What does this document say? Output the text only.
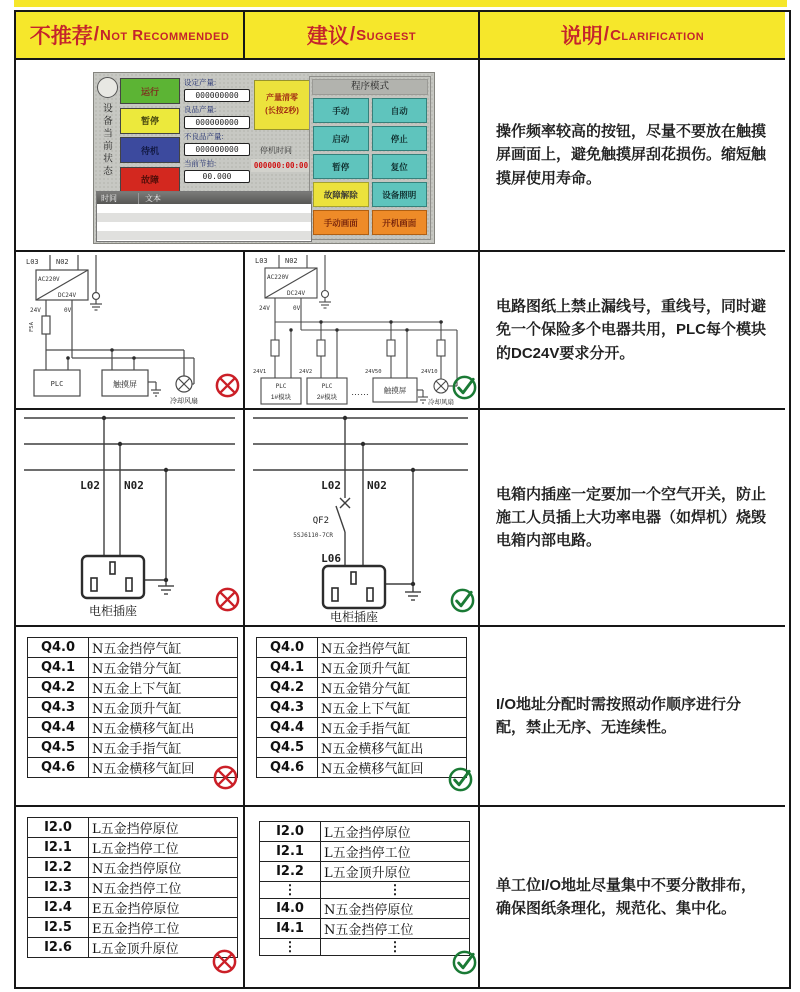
不推荐 / Not Recommended	建议 / Suggest	说明 / Clarification
设备当前状态
运行
暂停
待机
故障
设定产量:
000000000
良品产量:
000000000
不良品产量:
000000000
当前节拍:
00.000
产量清零
(长按2秒)
停机时间
000000:00:00
程序模式
手动	自动
启动	停止
暂停	复位
故障解除	设备照明
手动画面	开机画面
时间	文本

操作频率较高的按钮，尽量不要放在触摸屏画面上，避免触摸屏刮花损伤。缩短触摸屏使用寿命。

L03 N02
AC220V
DC24V
24V	0V
F5A
PLC	触摸屏
冷却风扇
L03 N02
AC220V
DC24V
24V	0V
24V1	24V2	24V50	24V10
PLC
1#模块
PLC
2#模块
…… 触摸屏
冷却风扇

电路图纸上禁止漏线号，重线号，同时避免一个保险多个电器共用，PLC每个模块的DC24V要求分开。

L02 N02
电柜插座
L02 N02
QF2
5SJ6110-7CR
L06
电柜插座

电箱内插座一定要加一个空气开关，防止施工人员插上大功率电器（如焊机）烧毁电箱内部电路。

Q4.0	N五金挡停气缸
Q4.1	N五金错分气缸
Q4.2	N五金上下气缸
Q4.3	N五金顶升气缸
Q4.4	N五金横移气缸出
Q4.5	N五金手指气缸
Q4.6	N五金横移气缸回
Q4.0	N五金挡停气缸
Q4.1	N五金顶升气缸
Q4.2	N五金错分气缸
Q4.3	N五金上下气缸
Q4.4	N五金手指气缸
Q4.5	N五金横移气缸出
Q4.6	N五金横移气缸回

I/O地址分配时需按照动作顺序进行分配，禁止无序、无连续性。

I2.0	L五金挡停原位
I2.1	L五金挡停工位
I2.2	N五金挡停原位
I2.3	N五金挡停工位
I2.4	E五金挡停原位
I2.5	E五金挡停工位
I2.6	L五金顶升原位
I2.0	L五金挡停原位
I2.1	L五金挡停工位
I2.2	L五金顶升原位
⋮	⋮
I4.0	N五金挡停原位
I4.1	N五金挡停工位
⋮	⋮

单工位I/O地址尽量集中不要分散排布，确保图纸条理化，规范化、集中化。
